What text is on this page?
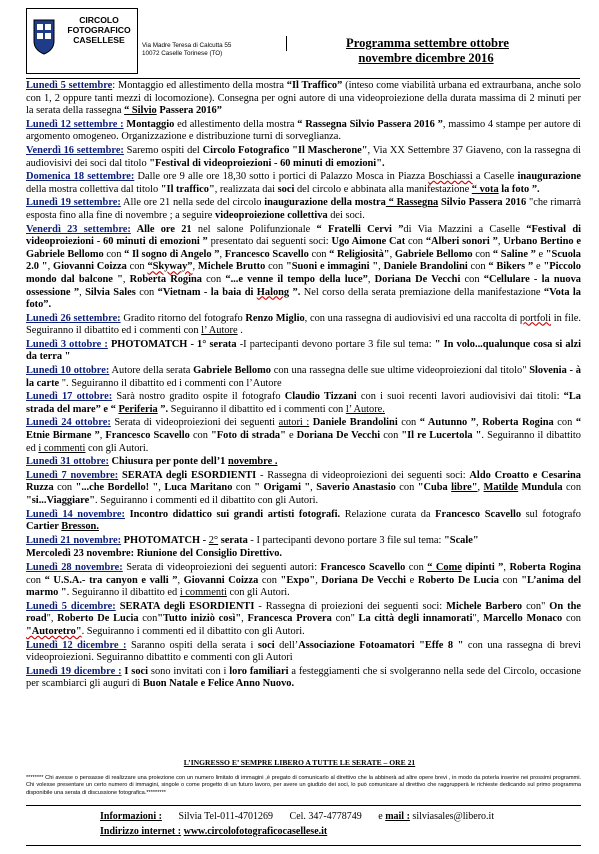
CIRCOLO
FOTOGRAFICO
CASELLESE
Via Madre Teresa di Calcutta 55
10072 Caselle Torinese (TO)
Programma settembre ottobre
novembre dicembre 2016
Lunedì 5 settembre: Montaggio ed allestimento della mostra “Il Traffico” (inteso come viabilità urbana ed extraurbana, anche solo con 1, 2 oppure tanti mezzi di locomozione). Consegna per ogni autore di una videoproiezione della durata massima di 2 minuti per la serata della rassegna “ Silvio Passera 2016”
Lunedì 12 settembre : Montaggio ed allestimento della mostra “ Rassegna Silvio Passera 2016 ”, massimo 4 stampe per autore di argomento omogeneo. Organizzazione e distribuzione turni di sorveglianza.
Venerdì 16 settembre: Saremo ospiti del Circolo Fotografico "Il Mascherone", Via XX Settembre 37 Giaveno, con la rassegna di audiovisivi dei soci dal titolo "Festival di videoproiezioni - 60 minuti di emozioni".
Domenica 18 settembre: Dalle ore 9 alle ore 18,30 sotto i portici di Palazzo Mosca in Piazza Boschiassi a Caselle inaugurazione della mostra collettiva dal titolo "Il traffico", realizzata dai soci del circolo e abbinata alla manifestazione “ vota la foto ”.
Lunedì 19 settembre: Alle ore 21 nella sede del circolo inaugurazione della mostra “ Rassegna Silvio Passera 2016 "che rimarrà esposta fino alla fine di novembre ; a seguire videoproiezione collettiva dei soci.
Venerdì 23 settembre: Alle ore 21 nel salone Polifunzionale “ Fratelli Cervi ”di Via Mazzini a Caselle “Festival di videoproiezioni - 60 minuti di emozioni ” presentato dai seguenti soci: Ugo Aimone Cat con “Alberi sonori ”, Urbano Bertino e Gabriele Bellomo con “ Il sogno di Angelo ”, Francesco Scavello con “ Religiosità", Gabriele Bellomo con “ Saline ” e "Scuola 2.0 ", Giovanni Coizza con “Skyway”, Michele Brutto con "Suoni e immagini ", Daniele Brandolini con “ Bikers ” e "Piccolo mondo dal balcone ", Roberta Rogina con “...e venne il tempo della luce”, Doriana De Vecchi con “Cellulare - la nuova ossessione ”, Silvia Sales con “Vietnam - la baia di Halong ”. Nel corso della serata premiazione della manifestazione “Vota la foto”.
Lunedì 26 settembre: Gradito ritorno del fotografo Renzo Miglio, con una rassegna di audiovisivi ed una raccolta di portfoli in file. Seguiranno il dibattito ed i commenti con l’ Autore .
Lunedì 3 ottobre : PHOTOMATCH - 1° serata -I partecipanti devono portare 3 file sul tema: " In volo...qualunque cosa si alzi da terra "
Lunedì 10 ottobre: Autore della serata Gabriele Bellomo con una rassegna delle sue ultime videoproiezioni dal titolo" Slovenia - à la carte ". Seguiranno il dibattito ed i commenti con l’Autore
Lunedì 17 ottobre: Sarà nostro gradito ospite il fotografo Claudio Tizzani con i suoi recenti lavori audiovisivi dai titoli: “La strada del mare” e “ Periferia ”. Seguiranno il dibattito ed i commenti con l’ Autore.
Lunedì 24 ottobre: Serata di videoproiezioni dei seguenti autori : Daniele Brandolini con “ Autunno ”, Roberta Rogina con “ Etnie Birmane ”, Francesco Scavello con "Foto di strada" e Doriana De Vecchi con "Il re Lucertola ". Seguiranno il dibattito ed i commenti con gli Autori.
Lunedì 31 ottobre: Chiusura per ponte dell’1 novembre .
Lunedì 7 novembre: SERATA degli ESORDIENTI - Rassegna di videoproiezioni dei seguenti soci: Aldo Croatto e Cesarina Ruzza con "...che Bordello! ", Luca Maritano con " Origami ", Saverio Anastasio con "Cuba libre", Matilde Mundula con "si...Viaggiare". Seguiranno i commenti ed il dibattito con gli Autori.
Lunedì 14 novembre: Incontro didattico sui grandi artisti fotografi. Relazione curata da Francesco Scavello sul fotografo Cartier Bresson.
Lunedì 21 novembre: PHOTOMATCH - 2° serata - I partecipanti devono portare 3 file sul tema: "Scale"
Mercoledì 23 novembre: Riunione del Consiglio Direttivo.
Lunedì 28 novembre: Serata di videoproiezioni dei seguenti autori: Francesco Scavello con “ Come dipinti ”, Roberta Rogina con “ U.S.A.- tra canyon e valli ”, Giovanni Coizza con "Expo", Doriana De Vecchi e Roberto De Lucia con "L’anima del marmo ". Seguiranno il dibattito ed i commenti con gli Autori.
Lunedì 5 dicembre: SERATA degli ESORDIENTI - Rassegna di proiezioni dei seguenti soci: Michele Barbero con" On the road", Roberto De Lucia con"Tutto iniziò così", Francesca Provera con" La città degli innamorati", Marcello Monaco con "Autoretro". Seguiranno i commenti ed il dibattito con gli Autori.
Lunedì 12 dicembre : Saranno ospiti della serata i soci dell’Associazione Fotoamatori "Effe 8 " con una rassegna di brevi videoproiezioni. Seguiranno dibattito e commenti con gli Autori
Lunedì 19 dicembre : I soci sono invitati con i loro familiari a festeggiamenti che si svolgeranno nella sede del Circolo, occasione per scambiarci gli auguri di Buon Natale e Felice Anno Nuovo.
L’INGRESSO E’ SEMPRE LIBERO A TUTTE LE SERATE – ORE 21
******** Chi avesse o pensasse di realizzare una proiezione con un numero limitato di immagini ,è pregato di comunicarlo al direttivo che la abbinerà ad altre opere brevi , in modo da poterla inserire nei prossimi programmi. Chi volesse presentare un certo numero di immagini, singole o come progetto di un futuro lavoro, per avere un giudizio dei soci, lo può comunicare al direttivo che raggrupperà le richieste dedicando sul primo programma disponibile una serata di discussione fotografica.*********
Informazioni : Silvia Tel-011-4701269 Cel. 347-4778749 e mail : silviasales@libero.it
Indirizzo internet : www.circolofotograficocasellese.it
